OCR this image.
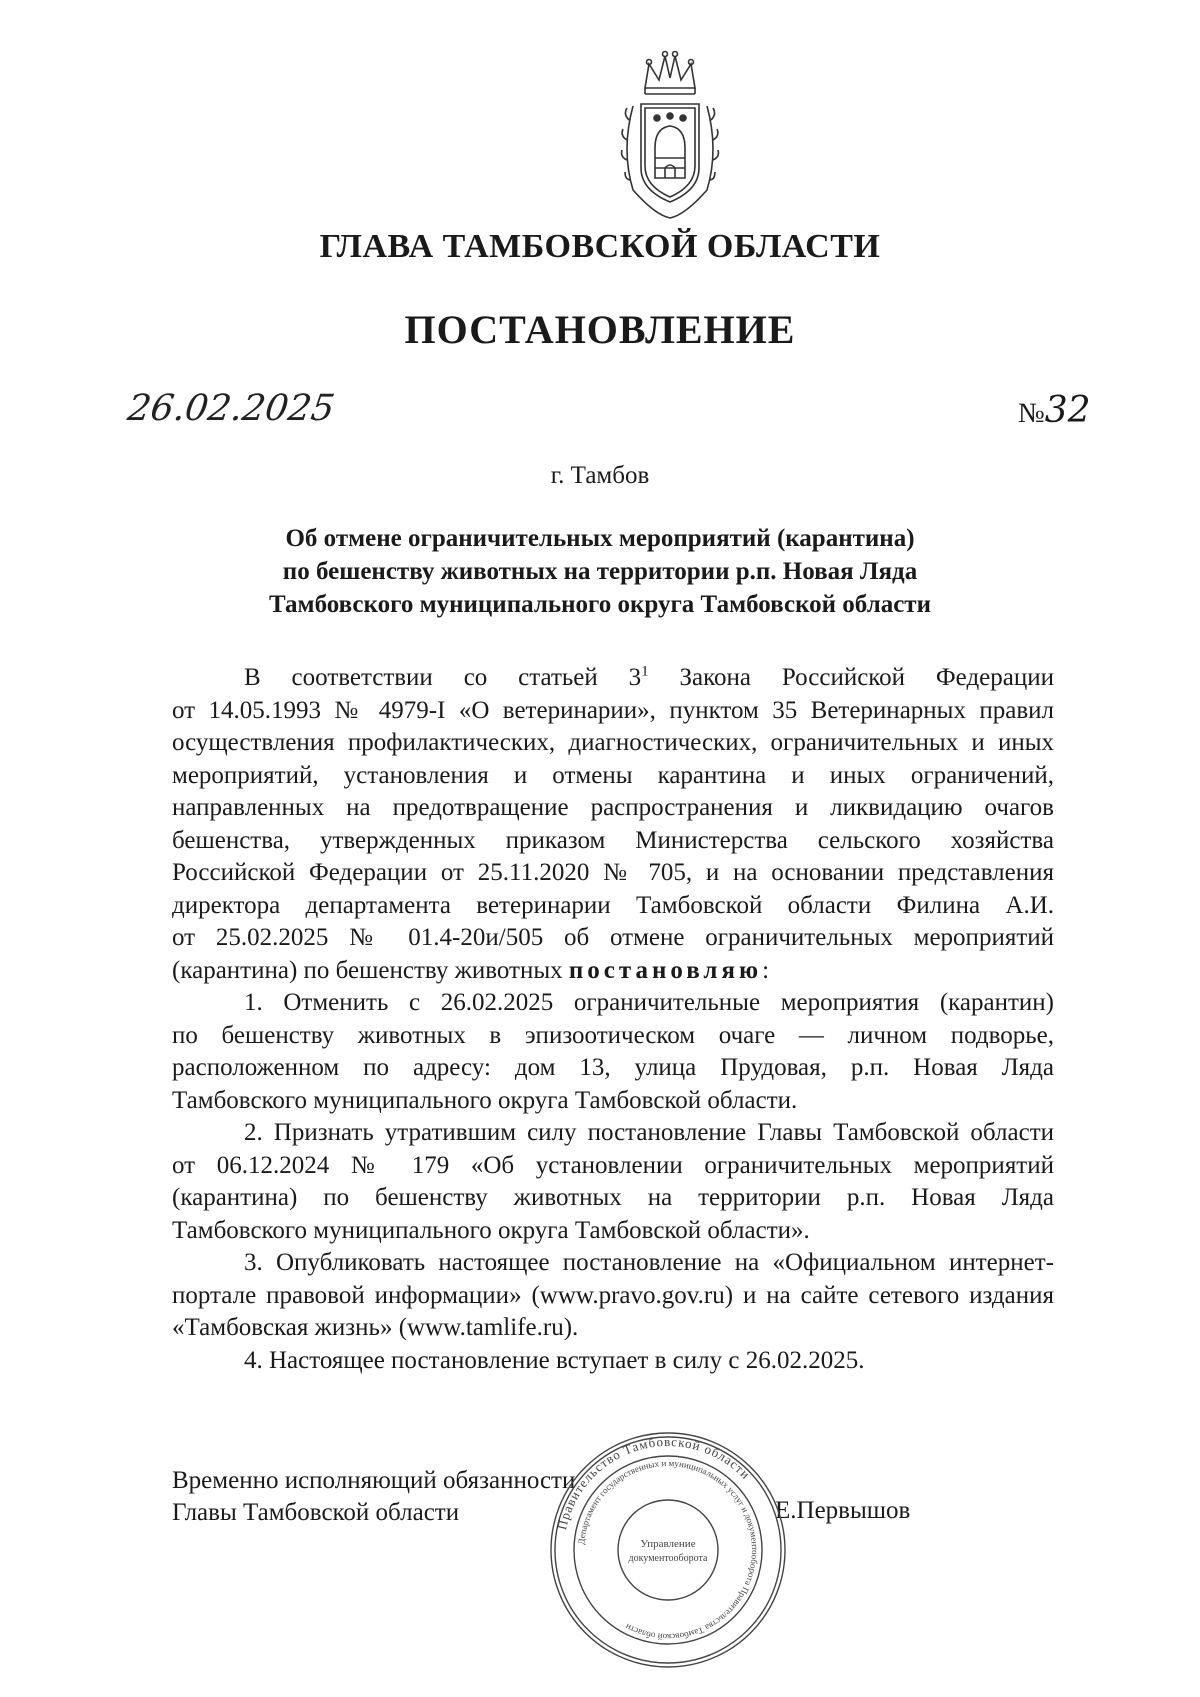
ГЛАВА ТАМБОВСКОЙ ОБЛАСТИ
ПОСТАНОВЛЕНИЕ
26.02.2025	№32
г. Тамбов
Об отмене ограничительных мероприятий (карантина)
по бешенству животных на территории р.п. Новая Ляда
Тамбовского муниципального округа Тамбовской области
В соответствии со статьей $3^1$ Закона Российской Федерации
от 14.05.1993 № 4979-I «О ветеринарии», пунктом 35 Ветеринарных правил
осуществления профилактических, диагностических, ограничительных и иных
мероприятий, установления и отмены карантина и иных ограничений,
направленных на предотвращение распространения и ликвидацию очагов
бешенства, утвержденных приказом Министерства сельского хозяйства
Российской Федерации от 25.11.2020 № 705, и на основании представления
директора департамента ветеринарии Тамбовской области Филина А.И.
от 25.02.2025 № 01.4-20и/505 об отмене ограничительных мероприятий
(карантина) по бешенству животных постановляю:
1. Отменить с 26.02.2025 ограничительные мероприятия (карантин)
по бешенству животных в эпизоотическом очаге — личном подворье,
расположенном по адресу: дом 13, улица Прудовая, р.п. Новая Ляда
Тамбовского муниципального округа Тамбовской области.
2. Признать утратившим силу постановление Главы Тамбовской области
от 06.12.2024 № 179 «Об установлении ограничительных мероприятий
(карантина) по бешенству животных на территории р.п. Новая Ляда
Тамбовского муниципального округа Тамбовской области».
3. Опубликовать настоящее постановление на «Официальном интернет-
портале правовой информации» (www.pravo.gov.ru) и на сайте сетевого издания
«Тамбовская жизнь» (www.tamlife.ru).
4. Настоящее постановление вступает в силу с 26.02.2025.
Временно исполняющий обязанности
Главы Тамбовской области	Е.Первышов
Правительство Тамбовской области
Департамент государственных и муниципальных услуг и документооборота Правительства Тамбовской области
Управление
документооборота
